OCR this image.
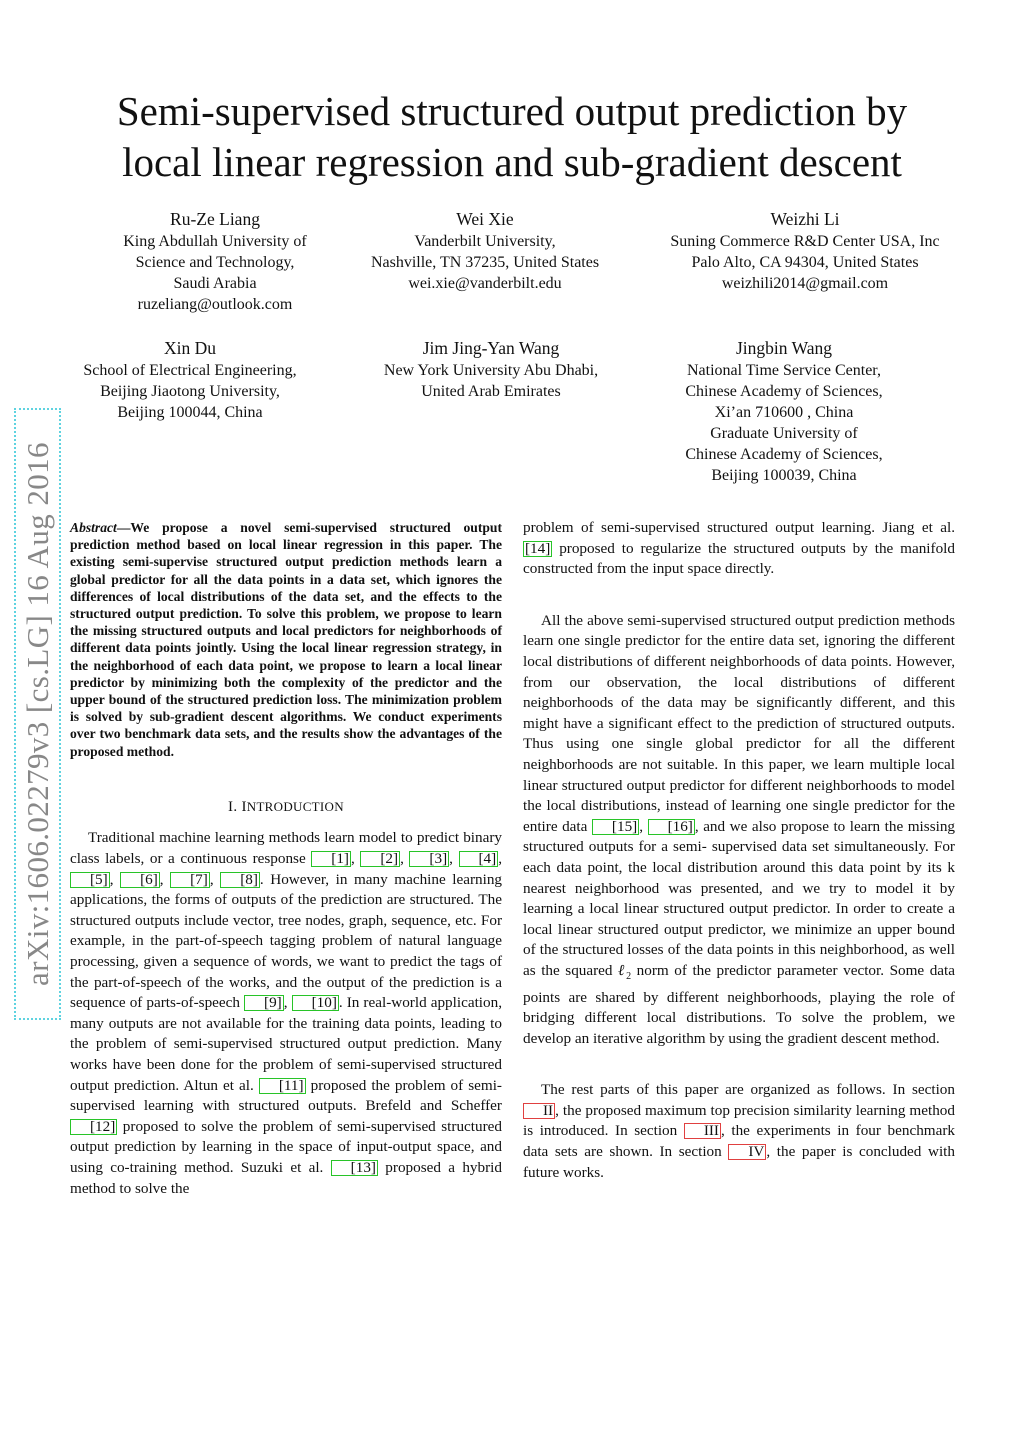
Semi-supervised structured output prediction by
local linear regression and sub-gradient descent
Ru-Ze Liang
King Abdullah University of
Science and Technology,
Saudi Arabia
ruzeliang@outlook.com
Wei Xie
Vanderbilt University,
Nashville, TN 37235, United States
wei.xie@vanderbilt.edu
Weizhi Li
Suning Commerce R&D Center USA, Inc
Palo Alto, CA 94304, United States
weizhili2014@gmail.com
Xin Du
School of Electrical Engineering,
Beijing Jiaotong University,
Beijing 100044, China
Jim Jing-Yan Wang
New York University Abu Dhabi,
United Arab Emirates
Jingbin Wang
National Time Service Center,
Chinese Academy of Sciences,
Xi’an 710600 , China
Graduate University of
Chinese Academy of Sciences,
Beijing 100039, China
arXiv:1606.02279v3 [cs.LG] 16 Aug 2016 Abstract—We propose a novel semi-supervised structured output prediction method based on local linear regression in this paper. The existing semi-supervise structured output prediction methods learn a global predictor for all the data points in a data set, which ignores the differences of local distributions of the data set, and the effects to the structured output prediction. To solve this problem, we propose to learn the missing structured outputs and local predictors for neighborhoods of different data points jointly. Using the local linear regression strategy, in the neighborhood of each data point, we propose to learn a local linear predictor by minimizing both the complexity of the predictor and the upper bound of the structured prediction loss. The minimization problem is solved by sub-gradient descent algorithms. We conduct experiments over two benchmark data sets, and the results show the advantages of the proposed method.

I. INTRODUCTION

Traditional machine learning methods learn model to predict binary class labels, or a continuous response [1] , [2] , [3] , [4] , [5] , [6] , [7] , [8] . However, in many machine learning applications, the forms of outputs of the prediction are structured. The structured outputs include vector, tree nodes, graph, sequence, etc. For example, in the part-of-speech tagging problem of natural language processing, given a sequence of words, we want to predict the tags of the part-of-speech of the works, and the output of the prediction is a sequence of parts-of-speech [9] , [10] . In real-world application, many outputs are not available for the training data points, leading to the problem of semi-supervised structured output prediction. Many works have been done for the problem of semi-supervised structured output prediction. Altun et al. [11] proposed the problem of semi-supervised learning with structured outputs. Brefeld and Scheffer [12] proposed to solve the problem of semi-supervised structured output prediction by learning in the space of input-output space, and using co-training method. Suzuki et al. [13] proposed a hybrid method to solve the

problem of semi-supervised structured output learning. Jiang et al. [14] proposed to regularize the structured outputs by the manifold constructed from the input space directly.

All the above semi-supervised structured output prediction methods learn one single predictor for the entire data set, ignoring the different local distributions of different neighborhoods of data points. However, from our observation, the local distributions of different neighborhoods of the data may be significantly different, and this might have a significant effect to the prediction of structured outputs. Thus using one single global predictor for all the different neighborhoods are not suitable. In this paper, we learn multiple local linear structured output predictor for different neighborhoods to model the local distributions, instead of learning one single predictor for the entire data [15] , [16] , and we also propose to learn the missing structured outputs for a semi- supervised data set simultaneously. For each data point, the local distribution around this data point by its k nearest neighborhood was presented, and we try to model it by learning a local linear structured output predictor. In order to create a local linear structured output predictor, we minimize an upper bound of the structured losses of the data points in this neighborhood, as well as the squared ℓ$_2$ norm of the predictor parameter vector. Some data points are shared by different neighborhoods, playing the role of bridging different local distributions. To solve the problem, we develop an iterative algorithm by using the gradient descent method.

The rest parts of this paper are organized as follows. In section II , the proposed maximum top precision similarity learning method is introduced. In section III , the experiments in four benchmark data sets are shown. In section IV , the paper is concluded with future works.
